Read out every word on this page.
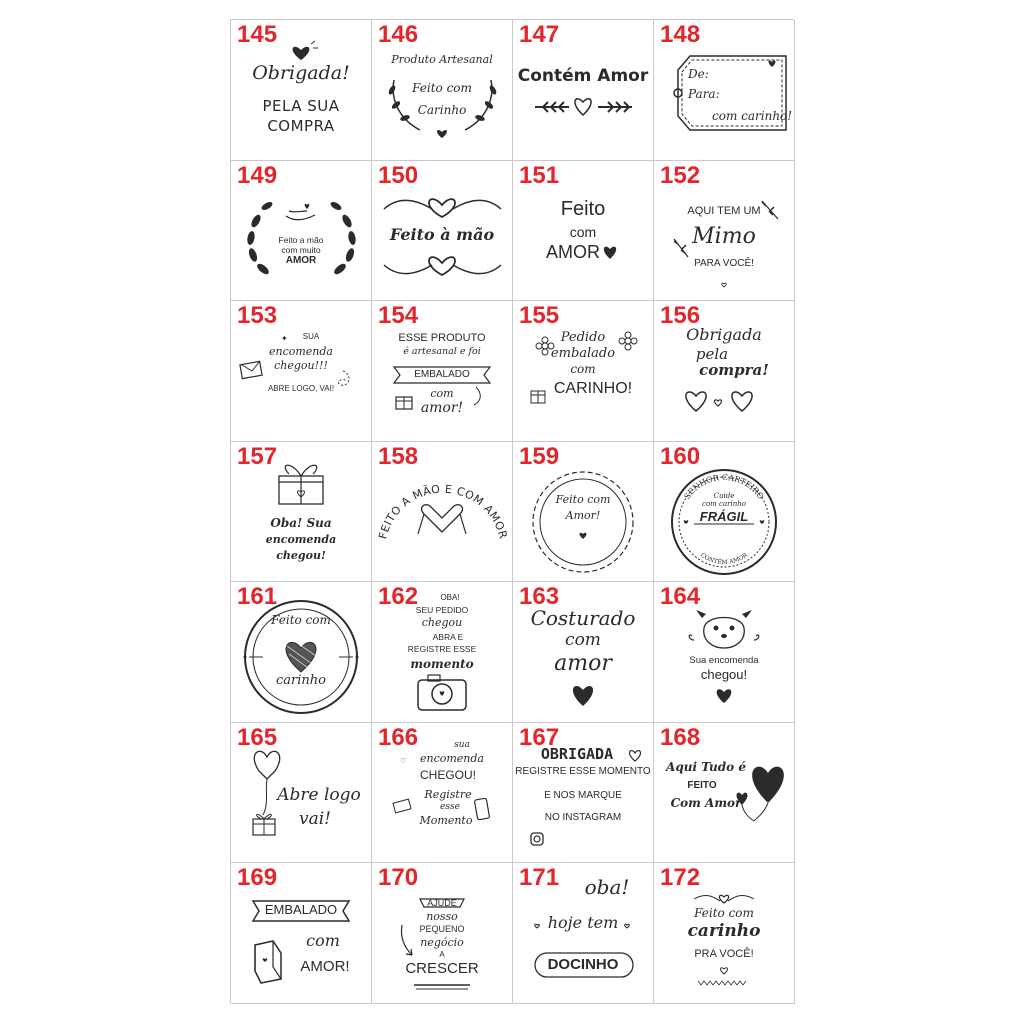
145
Obrigada!
PELA SUA
COMPRA
146
Produto Artesanal
Feito com
Carinho
147
Contém Amor
148
De:
Para:
com carinho!
149
Feito a mão
com muito
AMOR
150
Feito à mão
151
Feito
com
AMOR
152
AQUI TEM UM
Mimo
PARA VOCÊ!
153
✦	SUA
encomenda
chegou!!!
ABRE LOGO, VAI!
154
ESSE PRODUTO
é artesanal e foi
EMBALADO
com
amor!
155
Pedido
embalado
com
CARINHO!
156
Obrigada
pela
compra!
157
Oba! Sua
encomenda
chegou!
158
FEITO A MÃO E COM AMOR
159
Feito com
Amor!
160
SENHOR CARTEIRO
CONTÉM AMOR
Cuide
com carinho
FRÁGIL
161
Feito com
carinho
162	OBA!
SEU PEDIDO
chegou
ABRA E
REGISTRE ESSE
momento
163
Costurado
com
amor
164
Sua encomenda
chegou!
165
Abre logo
vai!
166
♡
sua
encomenda
CHEGOU!
Registre
esse
Momento
167
OBRIGADA
REGISTRE ESSE MOMENTO
E NOS MARQUE
NO INSTAGRAM
168
Aqui Tudo é
FEITO
Com Amor
169
EMBALADO
com
AMOR!
170
AJUDE
nosso
PEQUENO
negócio
A
CRESCER
171	oba!
hoje tem
DOCINHO
172
Feito com
carinho
PRA VOCÊ!
